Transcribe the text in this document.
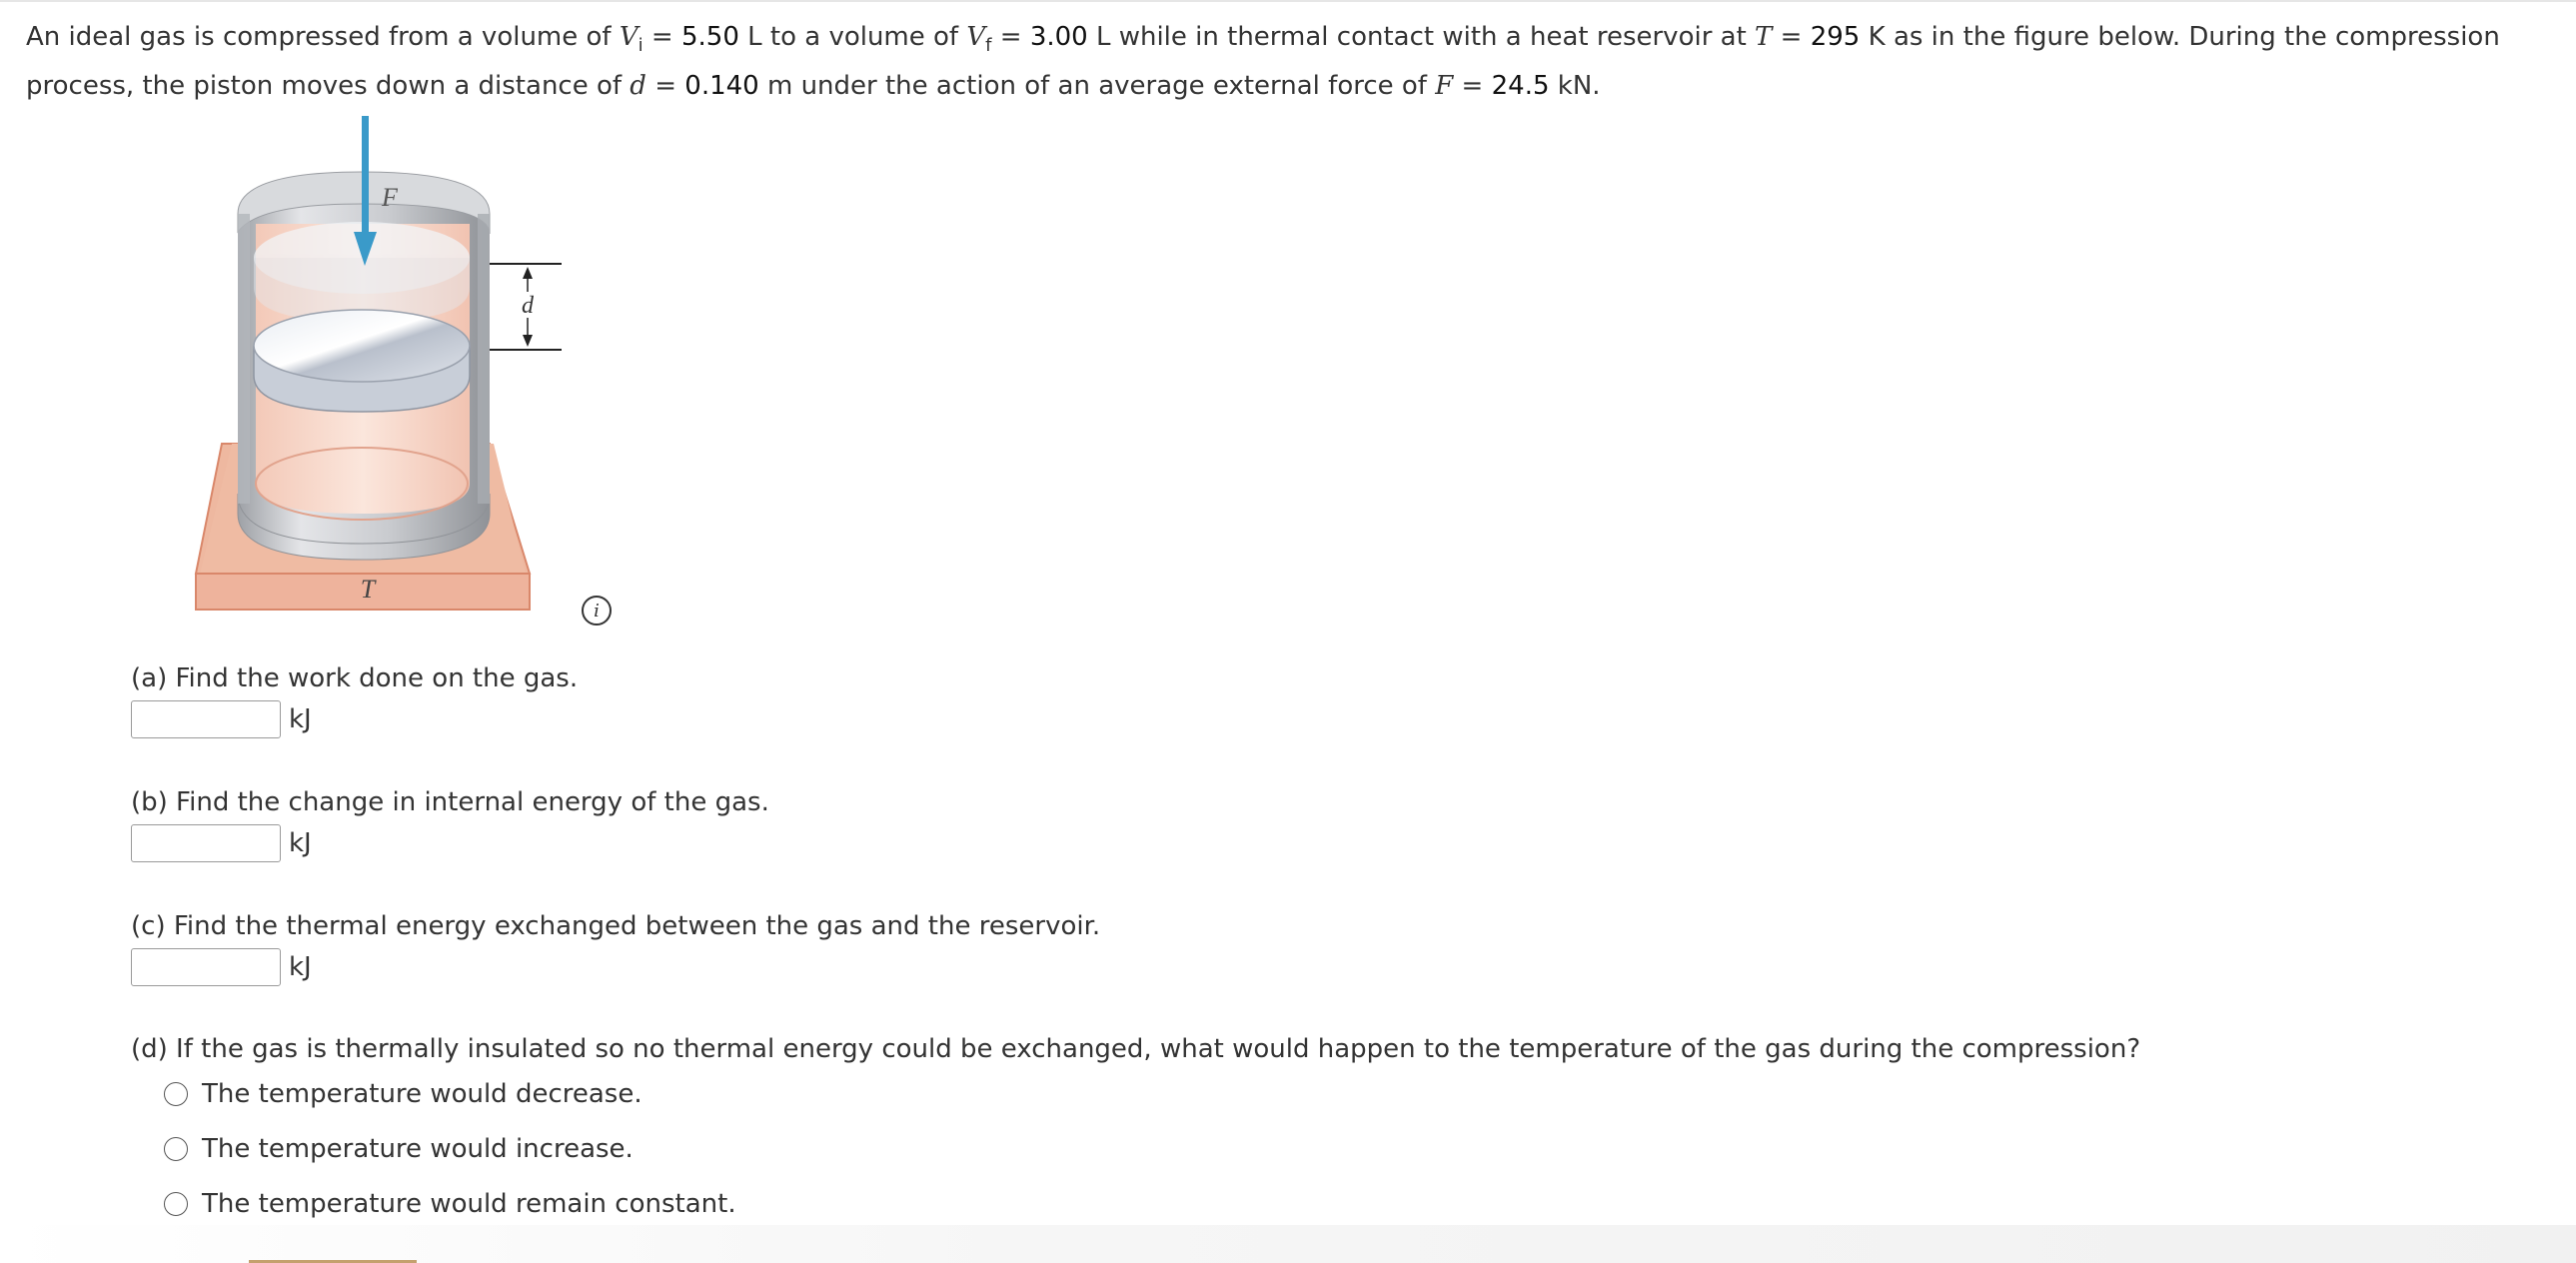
An ideal gas is compressed from a volume of $V_i = 5.50$ L to a volume of $V_f = 3.00$ L while in thermal contact with a heat reservoir at T = 295 K as in the figure below. During the compression process, the piston moves down a distance of d = 0.140 m under the action of an average external force of F = 24.5 kN.

d
F
T
i

(a) Find the work done on the gas.

kJ

(b) Find the change in internal energy of the gas.

kJ

(c) Find the thermal energy exchanged between the gas and the reservoir.

kJ

(d) If the gas is thermally insulated so no thermal energy could be exchanged, what would happen to the temperature of the gas during the compression?

The temperature would decrease.
The temperature would increase.
The temperature would remain constant.
